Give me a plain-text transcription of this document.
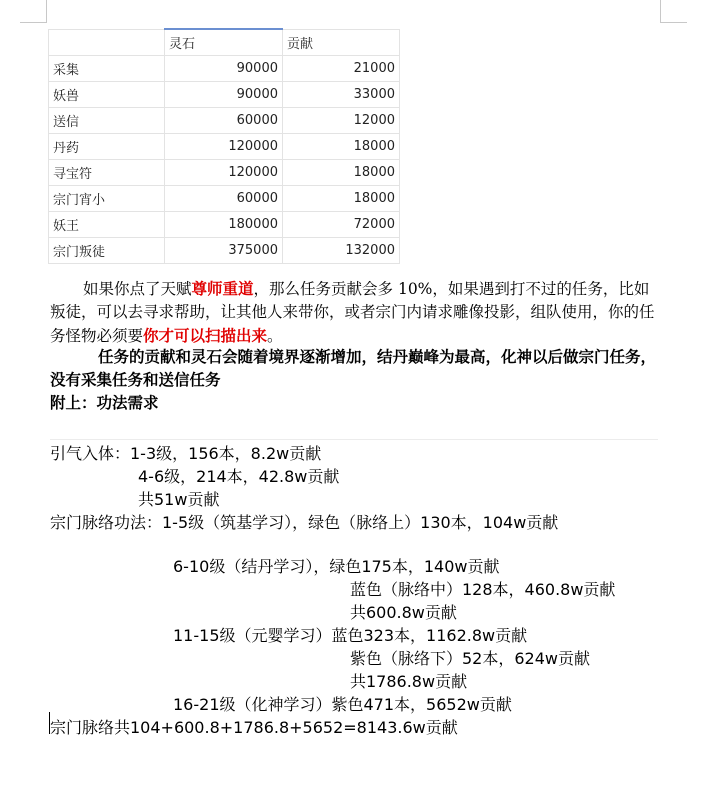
	灵石	贡献
采集	90000	21000
妖兽	90000	33000
送信	60000	12000
丹药	120000	18000
寻宝符	120000	18000
宗门宵小	60000	18000
妖王	180000	72000
宗门叛徒	375000	132000
如果你点了天赋尊师重道，那么任务贡献会多 10%，如果遇到打不过的任务，比如叛徒，可以去寻求帮助，让其他人来带你，或者宗门内请求雕像投影，组队使用，你的任务怪物必须要你才可以扫描出来。
任务的贡献和灵石会随着境界逐渐增加，结丹巅峰为最高，化神以后做宗门任务，没有采集任务和送信任务
附上：功法需求
引气入体：1-3级，156本，8.2w贡献
4-6级，214本，42.8w贡献
共51w贡献
宗门脉络功法：1-5级（筑基学习），绿色（脉络上）130本，104w贡献
6-10级（结丹学习），绿色175本，140w贡献
蓝色（脉络中）128本，460.8w贡献
共600.8w贡献
11-15级（元婴学习）蓝色323本，1162.8w贡献
紫色（脉络下）52本，624w贡献
共1786.8w贡献
16-21级（化神学习）紫色471本，5652w贡献
宗门脉络共104+600.8+1786.8+5652=8143.6w贡献
